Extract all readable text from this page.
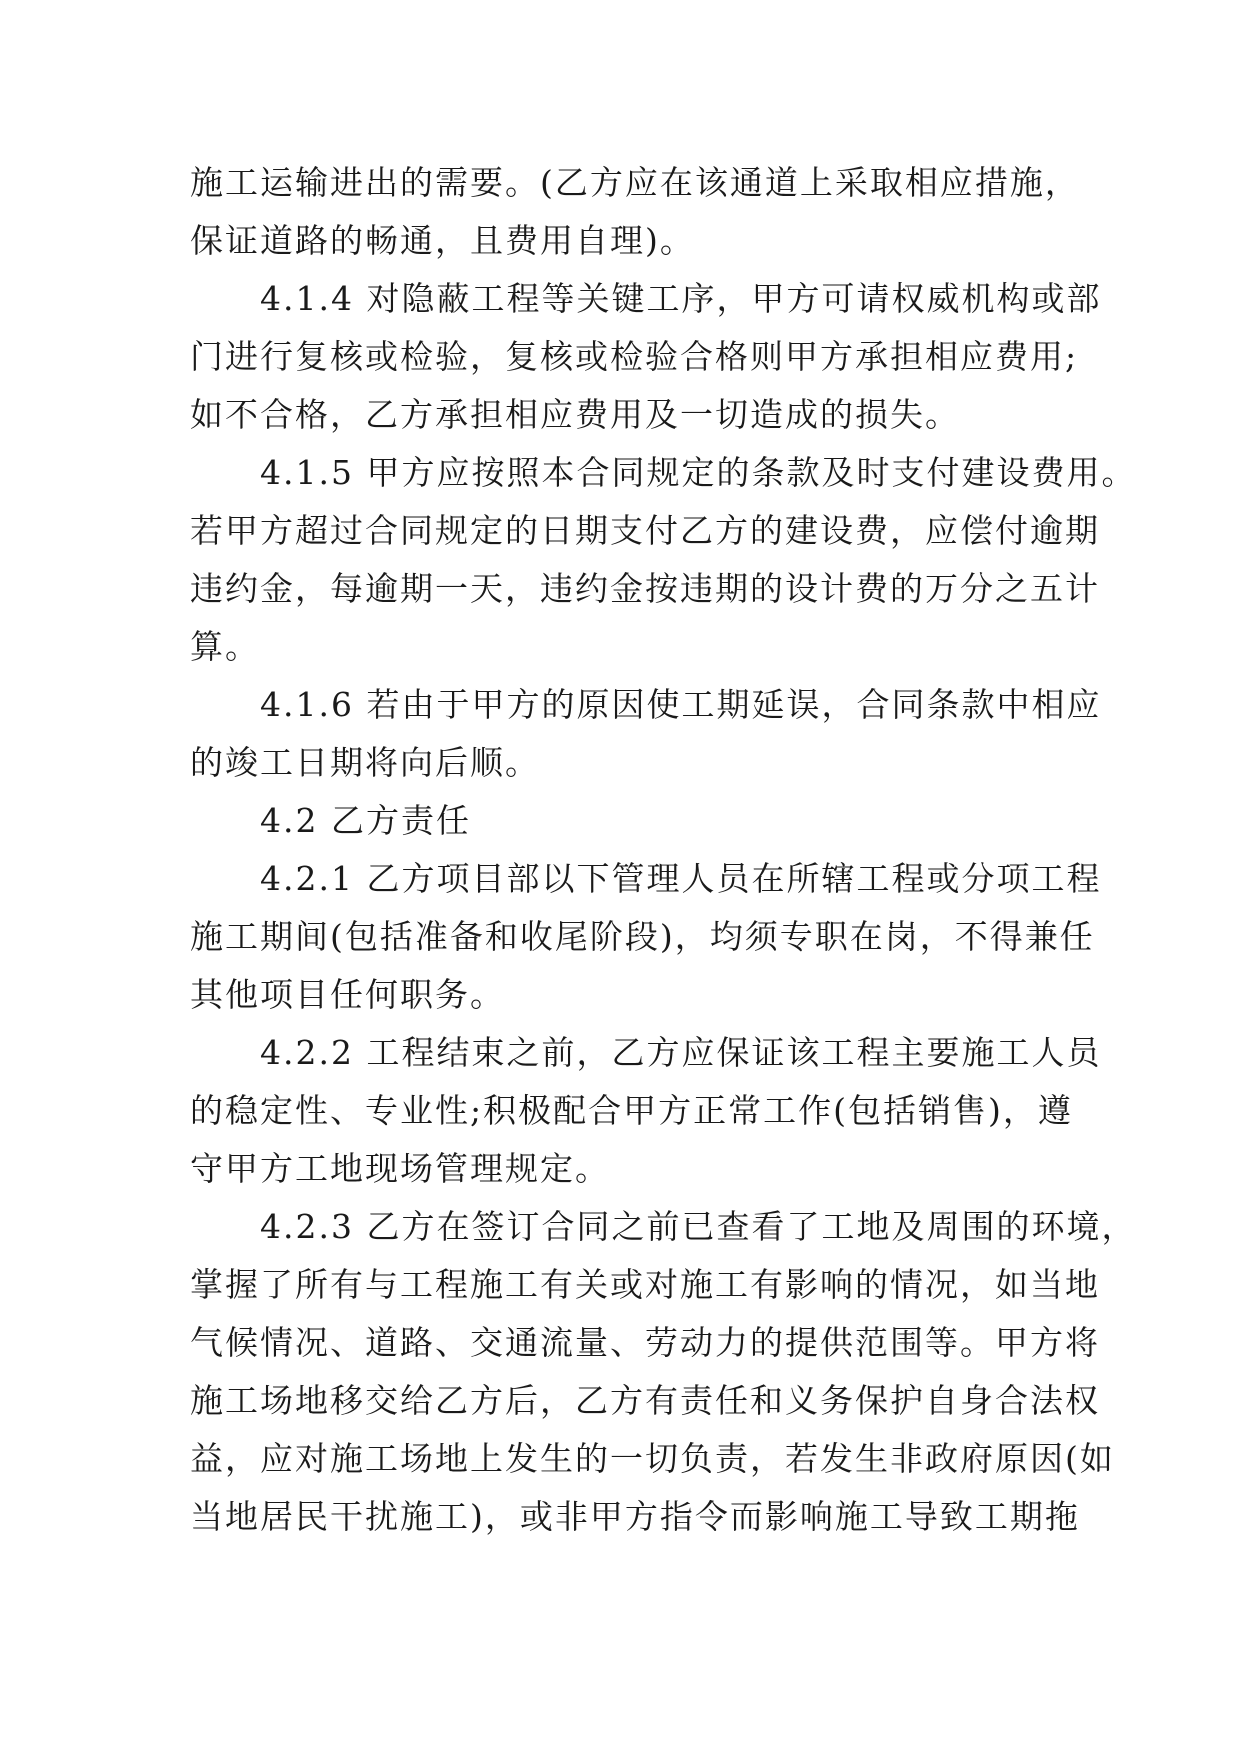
施工运输进出的需要。(乙方应在该通道上采取相应措施，
保证道路的畅通，且费用自理)。
　　4.1.4 对隐蔽工程等关键工序，甲方可请权威机构或部
门进行复核或检验，复核或检验合格则甲方承担相应费用;
如不合格，乙方承担相应费用及一切造成的损失。
　　4.1.5 甲方应按照本合同规定的条款及时支付建设费用。
若甲方超过合同规定的日期支付乙方的建设费，应偿付逾期
违约金，每逾期一天，违约金按违期的设计费的万分之五计
算。
　　4.1.6 若由于甲方的原因使工期延误，合同条款中相应
的竣工日期将向后顺。
　　4.2 乙方责任
　　4.2.1 乙方项目部以下管理人员在所辖工程或分项工程
施工期间(包括准备和收尾阶段)，均须专职在岗，不得兼任
其他项目任何职务。
　　4.2.2 工程结束之前，乙方应保证该工程主要施工人员
的稳定性、专业性;积极配合甲方正常工作(包括销售)，遵
守甲方工地现场管理规定。
　　4.2.3 乙方在签订合同之前已查看了工地及周围的环境，
掌握了所有与工程施工有关或对施工有影响的情况，如当地
气候情况、道路、交通流量、劳动力的提供范围等。甲方将
施工场地移交给乙方后，乙方有责任和义务保护自身合法权
益，应对施工场地上发生的一切负责，若发生非政府原因(如
当地居民干扰施工)，或非甲方指令而影响施工导致工期拖
